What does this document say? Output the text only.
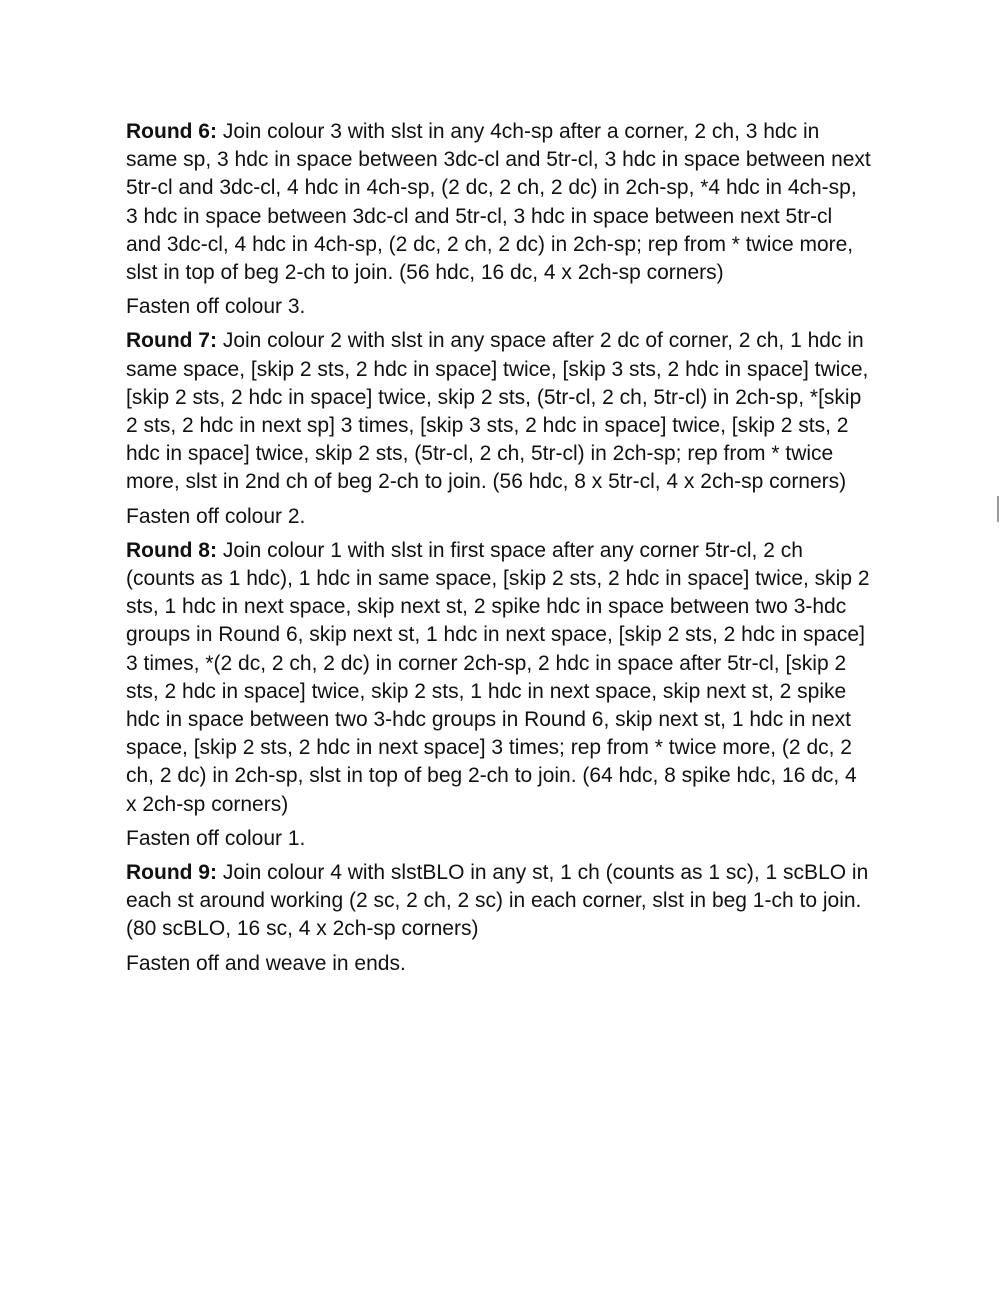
Round 6: Join colour 3 with slst in any 4ch-sp after a corner, 2 ch, 3 hdc in same sp, 3 hdc in space between 3dc-cl and 5tr-cl, 3 hdc in space between next 5tr-cl and 3dc-cl, 4 hdc in 4ch-sp, (2 dc, 2 ch, 2 dc) in 2ch-sp, *4 hdc in 4ch-sp, 3 hdc in space between 3dc-cl and 5tr-cl, 3 hdc in space between next 5tr-cl and 3dc-cl, 4 hdc in 4ch-sp, (2 dc, 2 ch, 2 dc) in 2ch-sp; rep from * twice more, slst in top of beg 2-ch to join. (56 hdc, 16 dc, 4 x 2ch-sp corners)

Fasten off colour 3.

Round 7: Join colour 2 with slst in any space after 2 dc of corner, 2 ch, 1 hdc in same space, [skip 2 sts, 2 hdc in space] twice, [skip 3 sts, 2 hdc in space] twice, [skip 2 sts, 2 hdc in space] twice, skip 2 sts, (5tr-cl, 2 ch, 5tr-cl) in 2ch-sp, *[skip 2 sts, 2 hdc in next sp] 3 times, [skip 3 sts, 2 hdc in space] twice, [skip 2 sts, 2 hdc in space] twice, skip 2 sts, (5tr-cl, 2 ch, 5tr-cl) in 2ch-sp; rep from * twice more, slst in 2nd ch of beg 2-ch to join. (56 hdc, 8 x 5tr-cl, 4 x 2ch-sp corners)

Fasten off colour 2.

Round 8: Join colour 1 with slst in first space after any corner 5tr-cl, 2 ch (counts as 1 hdc), 1 hdc in same space, [skip 2 sts, 2 hdc in space] twice, skip 2 sts, 1 hdc in next space, skip next st, 2 spike hdc in space between two 3-hdc groups in Round 6, skip next st, 1 hdc in next space, [skip 2 sts, 2 hdc in space] 3 times, *(2 dc, 2 ch, 2 dc) in corner 2ch-sp, 2 hdc in space after 5tr-cl, [skip 2 sts, 2 hdc in space] twice, skip 2 sts, 1 hdc in next space, skip next st, 2 spike hdc in space between two 3-hdc groups in Round 6, skip next st, 1 hdc in next space, [skip 2 sts, 2 hdc in next space] 3 times; rep from * twice more, (2 dc, 2 ch, 2 dc) in 2ch-sp, slst in top of beg 2-ch to join. (64 hdc, 8 spike hdc, 16 dc, 4 x 2ch-sp corners)

Fasten off colour 1.

Round 9: Join colour 4 with slstBLO in any st, 1 ch (counts as 1 sc), 1 scBLO in each st around working (2 sc, 2 ch, 2 sc) in each corner, slst in beg 1-ch to join. (80 scBLO, 16 sc, 4 x 2ch-sp corners)

Fasten off and weave in ends.
